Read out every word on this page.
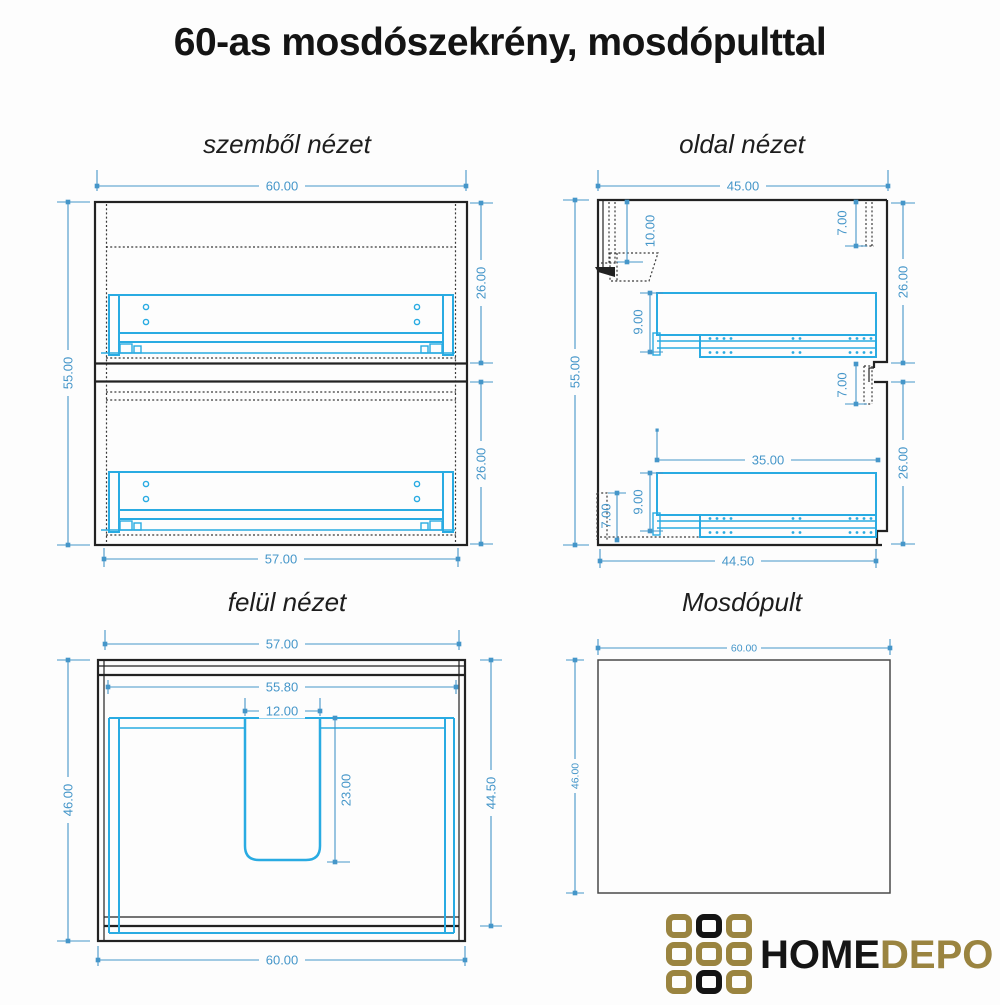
60-as mosdószekrény, mosdópulttal
szemből nézet
60.00
55.00
26.00
26.00
57.00
oldal nézet
45.00
10.00	7.00
26.00
55.00
9.00
7.00
35.00
9.00
7.00
26.00
44.50
felül nézet
57.00
55.80
12.00
23.00
46.00	44.50
60.00
Mosdópult
60.00
46.00
HOMEDEPO
